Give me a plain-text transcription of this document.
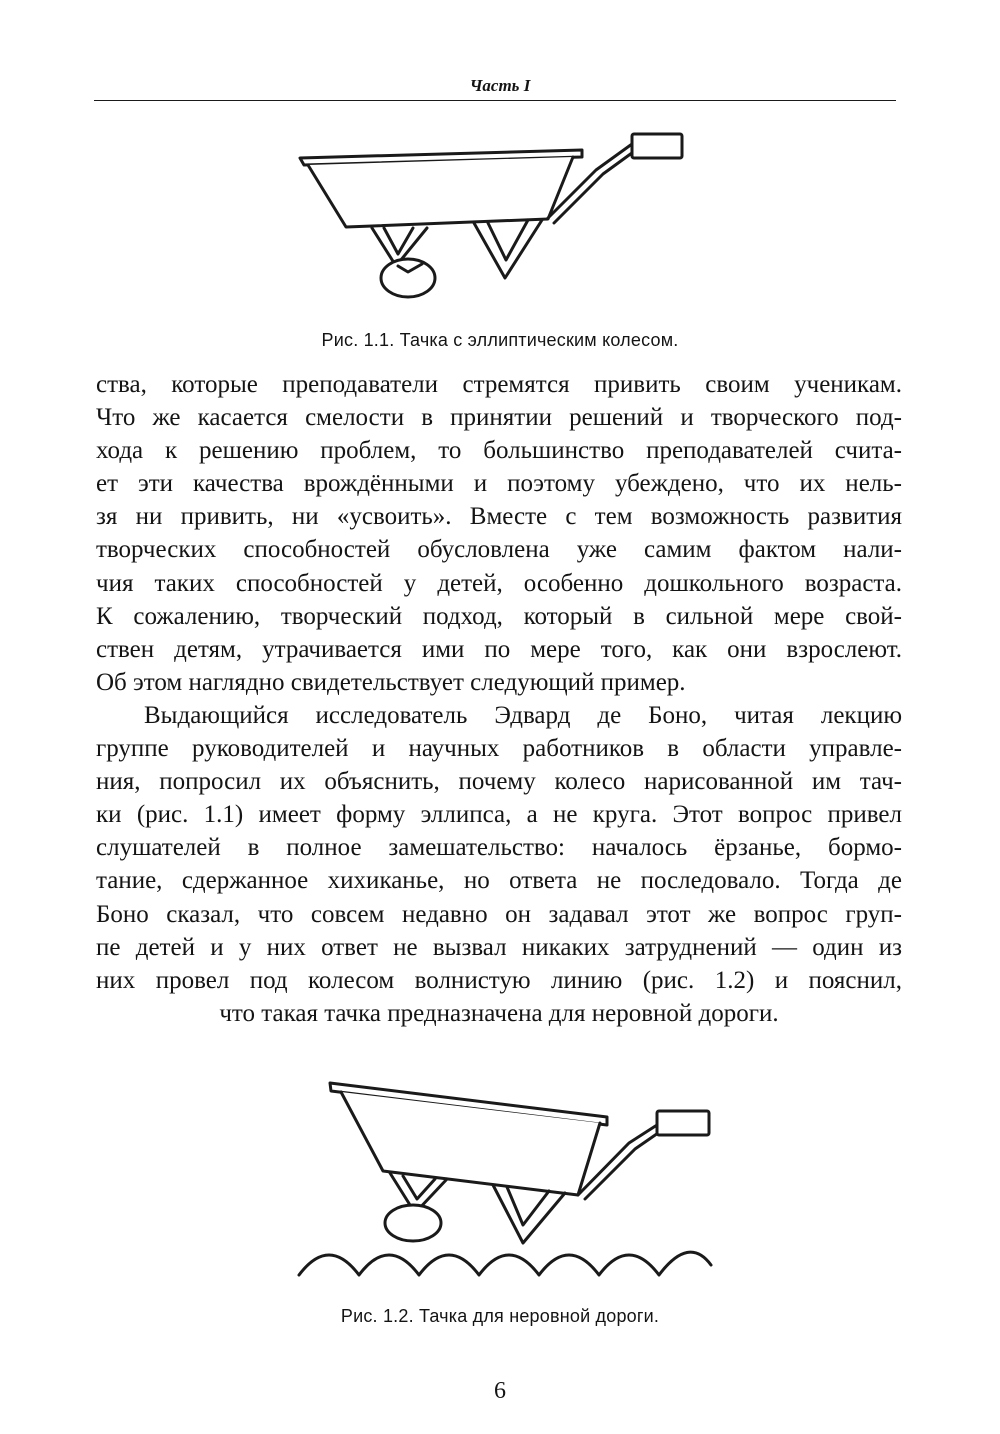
Часть I
Рис. 1.1. Тачка с эллиптическим колесом.
ства, которые преподаватели стремятся привить своим ученикам.
Что же касается смелости в принятии решений и творческого под-
хода к решению проблем, то большинство преподавателей счита-
ет эти качества врождёнными и поэтому убеждено, что их нель-
зя ни привить, ни «усвоить». Вместе с тем возможность развития
творческих способностей обусловлена уже самим фактом нали-
чия таких способностей у детей, особенно дошкольного возраста.
К сожалению, творческий подход, который в сильной мере свой-
ствен детям, утрачивается ими по мере того, как они взрослеют.
Об этом наглядно свидетельствует следующий пример.
Выдающийся исследователь Эдвард де Боно, читая лекцию
группе руководителей и научных работников в области управле-
ния, попросил их объяснить, почему колесо нарисованной им тач-
ки (рис. 1.1) имеет форму эллипса, а не круга. Этот вопрос привел
слушателей в полное замешательство: началось ёрзанье, бормо-
тание, сдержанное хихиканье, но ответа не последовало. Тогда де
Боно сказал, что совсем недавно он задавал этот же вопрос груп-
пе детей и у них ответ не вызвал никаких затруднений — один из
них провел под колесом волнистую линию (рис. 1.2) и пояснил,
что такая тачка предназначена для неровной дороги.
Рис. 1.2. Тачка для неровной дороги.
6
